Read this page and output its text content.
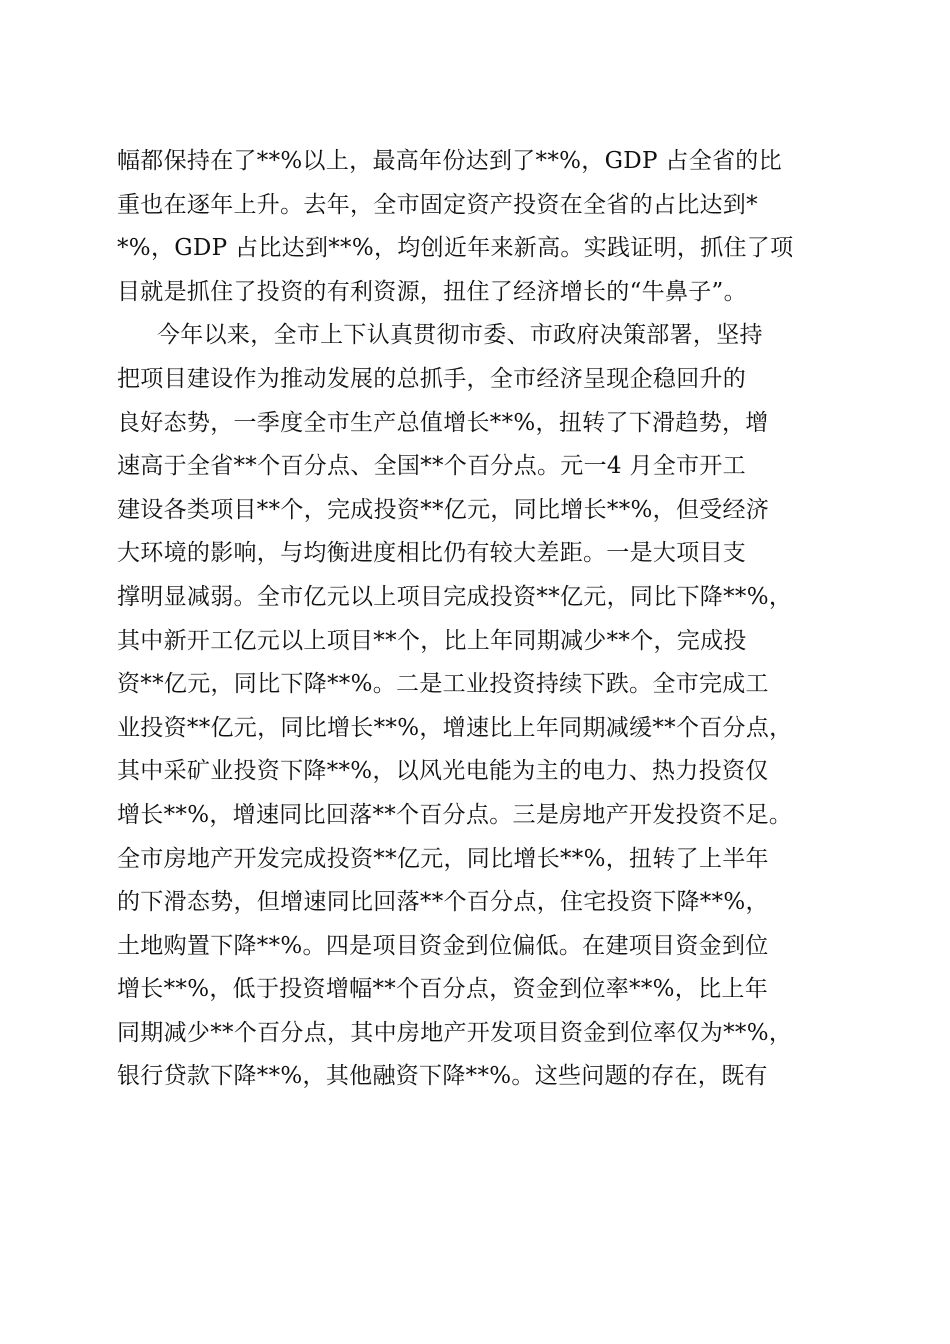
幅都保持在了**%以上，最高年份达到了**%，GDP 占全省的比
重也在逐年上升。去年，全市固定资产投资在全省的占比达到*
*%，GDP 占比达到**%，均创近年来新高。实践证明，抓住了项
目就是抓住了投资的有利资源，扭住了经济增长的“牛鼻子”。
今年以来，全市上下认真贯彻市委、市政府决策部署，坚持
把项目建设作为推动发展的总抓手，全市经济呈现企稳回升的
良好态势，一季度全市生产总值增长**%，扭转了下滑趋势，增
速高于全省**个百分点、全国**个百分点。元一4 月全市开工
建设各类项目**个，完成投资**亿元，同比增长**%，但受经济
大环境的影响，与均衡进度相比仍有较大差距。一是大项目支
撑明显减弱。全市亿元以上项目完成投资**亿元，同比下降**%，
其中新开工亿元以上项目**个，比上年同期减少**个，完成投
资**亿元，同比下降**%。二是工业投资持续下跌。全市完成工
业投资**亿元，同比增长**%，增速比上年同期减缓**个百分点，
其中采矿业投资下降**%，以风光电能为主的电力、热力投资仅
增长**%，增速同比回落**个百分点。三是房地产开发投资不足。
全市房地产开发完成投资**亿元，同比增长**%，扭转了上半年
的下滑态势，但增速同比回落**个百分点，住宅投资下降**%，
土地购置下降**%。四是项目资金到位偏低。在建项目资金到位
增长**%，低于投资增幅**个百分点，资金到位率**%，比上年
同期减少**个百分点，其中房地产开发项目资金到位率仅为**%，
银行贷款下降**%，其他融资下降**%。这些问题的存在，既有
